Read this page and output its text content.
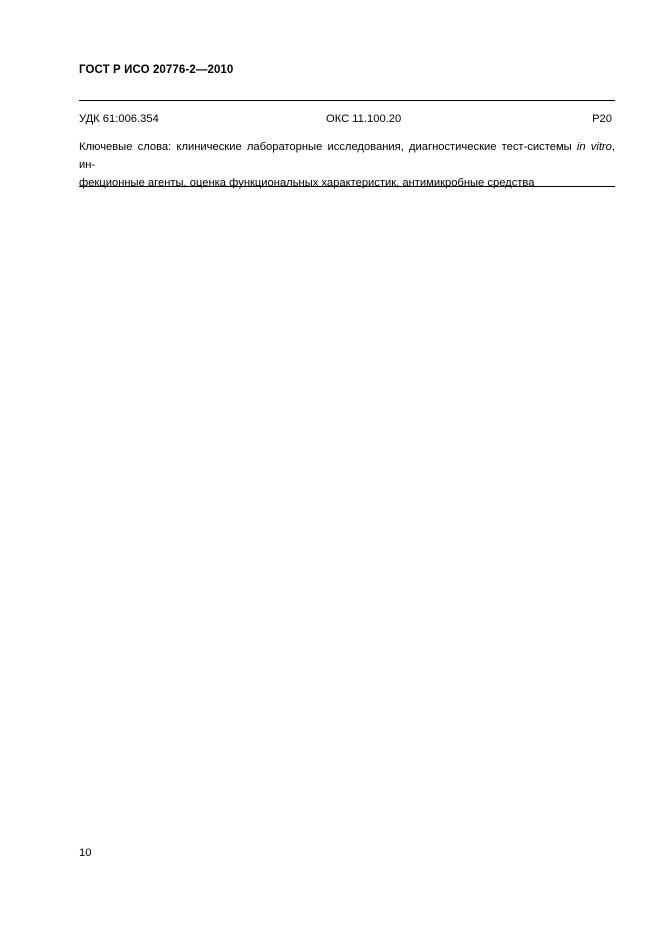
ГОСТ Р ИСО 20776-2—2010
УДК 61:006.354	ОКС 11.100.20	Р20
Ключевые слова: клинические лабораторные исследования, диагностические тест-системы in vitro, ин-
фекционные агенты, оценка функциональных характеристик, антимикробные средства
10
